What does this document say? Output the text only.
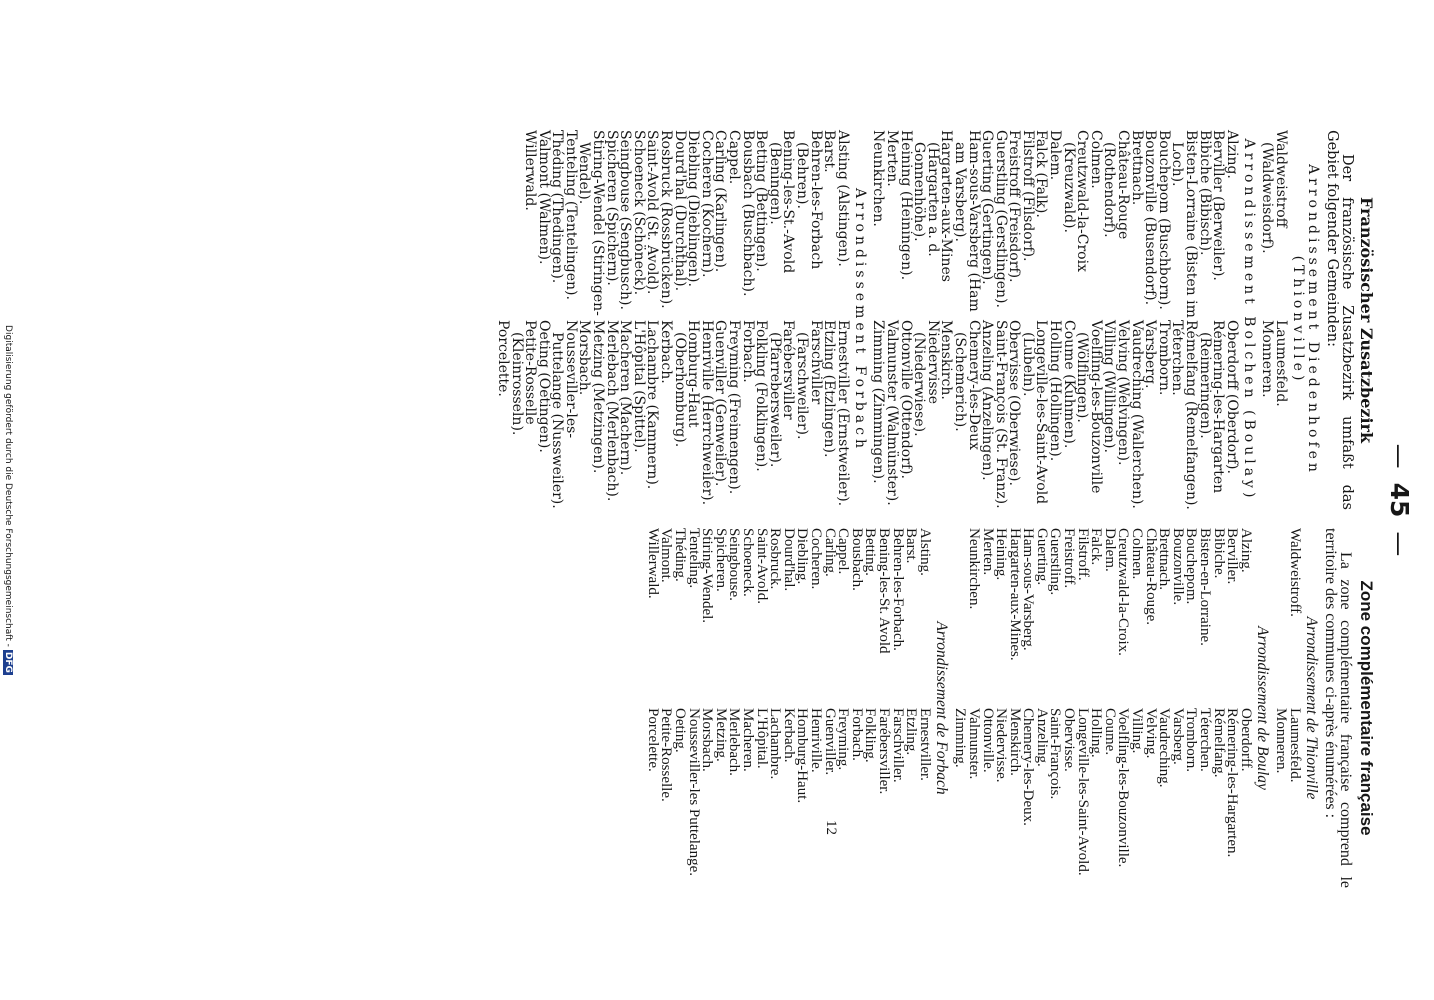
—45—
Französischer Zusatzbezirk

Der französische Zusatzbezirk umfaßt das Gebiet folgender Gemeinden:

Arrondissement Diedenhofen (Thionville)
Waldweistroff (Waldweisdorf).
Laumesfeld.
Monneren.
Arrondissement Bolchen (Boulay)
Alzing.
Berviller (Berweiler).
Bibiche (Bibisch).
Bisten-Lorraine (Bisten im Loch).
Bouchepom (Buschborn).
Bouzonville (Busendorf).
Brettnach.
Château-Rouge (Rothendorf).
Colmen.
Creutzwald-la-Croix (Kreuzwald).
Dalem.
Falck (Falk).
Filstroff (Filsdorf).
Freistroff (Freisdorf).
Guerstling (Gerstlingen).
Guerting (Gertingen).
Ham-sous-Varsberg (Ham am Varsberg).
Hargarten-aux-Mines (Hargarten a. d. Gonnenhöhe).
Heining (Heiningen).
Merten.
Neunkirchen.
Oberdorff (Oberdorf).
Rémering-les-Hargarten (Reimeringen).
Rémelfang (Remelfangen).
Téterchen.
Tromborn.
Varsberg.
Vaudreching (Wallerchen).
Velving (Welvingen).
Villing (Willingen).
Voelfling-les-Bouzonville (Wölflingen).
Coume (Kuhmen).
Holling (Hollingen).
Longeville-les-Saint-Avold (Lubeln).
Obervisse (Oberwiese).
Saint-François (St. Franz).
Anzeling (Anzelingen).
Chemery-les-Deux (Schemerich).
Menskirch.
Niedervisse (Niederwiese).
Ottonville (Ottendorf).
Valmunster (Walmünster).
Zimming (Zimmingen).
Arrondissement Forbach
Alsting (Alstingen).
Barst.
Behren-les-Forbach (Behren).
Bening-les-St.-Avold (Beningen).
Betting (Bettingen).
Bousbach (Buschbach).
Cappel.
Carling (Karlingen).
Cocheren (Kochern).
Diebling (Dieblingen).
Dourd'hal (Durchthal).
Rosbruck (Rossbrücken).
Saint-Avold (St. Avold).
Schoeneck (Schöneck).
Seingbouse (Sengbusch).
Spicheren (Spichern).
Stiring-Wendel (Stiringen-Wendel).
Tenteling (Tentelingen).
Théding (Thedingen).
Valmont (Walmen).
Willerwald.
Ernestviller (Ernstweiler).
Etzling (Etzlingen).
Farschviller (Farschweiler).
Farébersviller (Pfarrebersweiler).
Folkling (Folklingen).
Forbach.
Freyming (Freimengen).
Guenviller (Genweiler).
Henriville (Herrchweiler).
Homburg-Haut (Oberhomburg).
Kerbach.
Lachambre (Kammern).
L'Hôpital (Spittel).
Macheren (Machern).
Merlebach (Merlenbach).
Metzing (Metzingen).
Morsbach.
Nousseviller-les-Puttelange (Nussweiler).
Oeting (Oetingen).
Petite-Rosselle (Kleinrosseln).
Porcelette.
Zone complémentaire française

La zone complémentaire française comprend le territoire des communes ci-après énumérées :

Arrondissement de Thionville
Waldweistroff.
Laumesfeld.
Monneren.
Arrondissement de Boulay
Alzing.
Berviller.
Bibiche.
Bisten-en-Lorraine.
Bouchepom.
Bouzonville.
Brettnach.
Château-Rouge.
Colmen.
Creutzwald-la-Croix.
Dalem.
Falck.
Filstroff.
Freistroff.
Guerstling.
Guerting.
Ham-sous-Varsberg.
Hargarten-aux-Mines.
Heining.
Merten.
Neunkirchen.
Oberdorff.
Rémering-les-Hargarten.
Rémelfang.
Téterchen.
Tromborn.
Varsberg.
Vaudreching.
Velving.
Villing.
Voelfling-les-Bouzonville.
Coume.
Holling.
Longeville-les-Saint-Avold.
Obervisse.
Saint-François.
Anzeling.
Chemery-les-Deux.
Menskirch.
Niedervisse.
Ottonville.
Valmunster.
Zimming.
Arrondissement de Forbach
Alsting.
Barst.
Behren-les-Forbach.
Bening-les-St. Avold
Betting.
Bousbach.
Cappel.
Carling.
Cocheren.
Diebling.
Dourd'hal.
Rosbruck.
Saint-Avold.
Schoeneck.
Seingbouse.
Spicheren.
Stiring-Wendel.
Tenteling.
Théding.
Valmont.
Willerwald.
Ernestviller.
Etzling.
Farschviller.
Farébersviller.
Folkling.
Forbach.
Freyming.
Guenviller.
Henriville.
Homburg-Haut.
Kerbach.
Lachambre.
L'Hôpital.
Macheren.
Merlebach.
Metzing.
Morsbach.
Nousseviller-les Puttelange.
Oeting.
Petite-Rosselle.
Porcelette.
12
Digitalisierung gefördert durch die Deutsche Forschungsgemeinschaft -DFG
